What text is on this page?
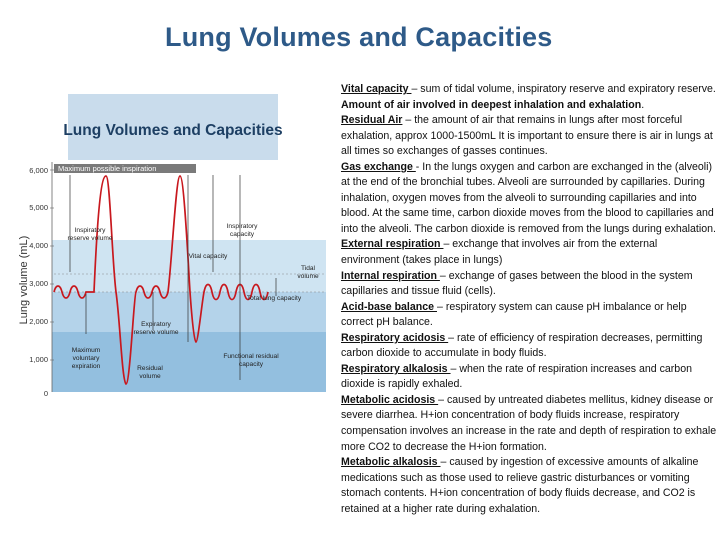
Lung Volumes and Capacities
Lung Volumes and Capacities
Lung volume (mL)
6,000
5,000
4,000
3,000
2,000
1,000
0
Maximum possible inspiration
Inspiratory
reserve volume
Inspiratory
capacity
Vital capacity
Tidal
volume
Total lung capacity
Expiratory
reserve volume
Maximum
voluntary
expiration	Residual
volume
Functional residual
capacity

Vital capacity – sum of tidal volume, inspiratory reserve and expiratory reserve. Amount of air involved in deepest inhalation and exhalation.

Residual Air – the amount of air that remains in lungs after most forceful exhalation, approx 1000-1500mL It is important to ensure there is air in lungs at all times so exchanges of gasses continues.

Gas exchange - In the lungs oxygen and carbon are exchanged in the (alveoli) at the end of the bronchial tubes. Alveoli are surrounded by capillaries. During inhalation, oxygen moves from the alveoli to surrounding capillaries and into blood. At the same time, carbon dioxide moves from the blood to capillaries and into the alveoli. The carbon dioxide is removed from the lungs during exhalation.

External respiration – exchange that involves air from the external environment (takes place in lungs)

Internal respiration – exchange of gases between the blood in the system capillaries and tissue fluid (cells).

Acid-base balance – respiratory system can cause pH imbalance or help correct pH balance.

Respiratory acidosis – rate of efficiency of respiration decreases, permitting carbon dioxide to accumulate in body fluids.

Respiratory alkalosis – when the rate of respiration increases and carbon dioxide is rapidly exhaled.

Metabolic acidosis – caused by untreated diabetes mellitus, kidney disease or severe diarrhea. H+ion concentration of body fluids increase, respiratory compensation involves an increase in the rate and depth of respiration to exhale more CO2 to decrease the H+ion formation.

Metabolic alkalosis – caused by ingestion of excessive amounts of alkaline medications such as those used to relieve gastric disturbances or vomiting stomach contents. H+ion concentration of body fluids decrease, and CO2 is retained at a higher rate during exhalation.
